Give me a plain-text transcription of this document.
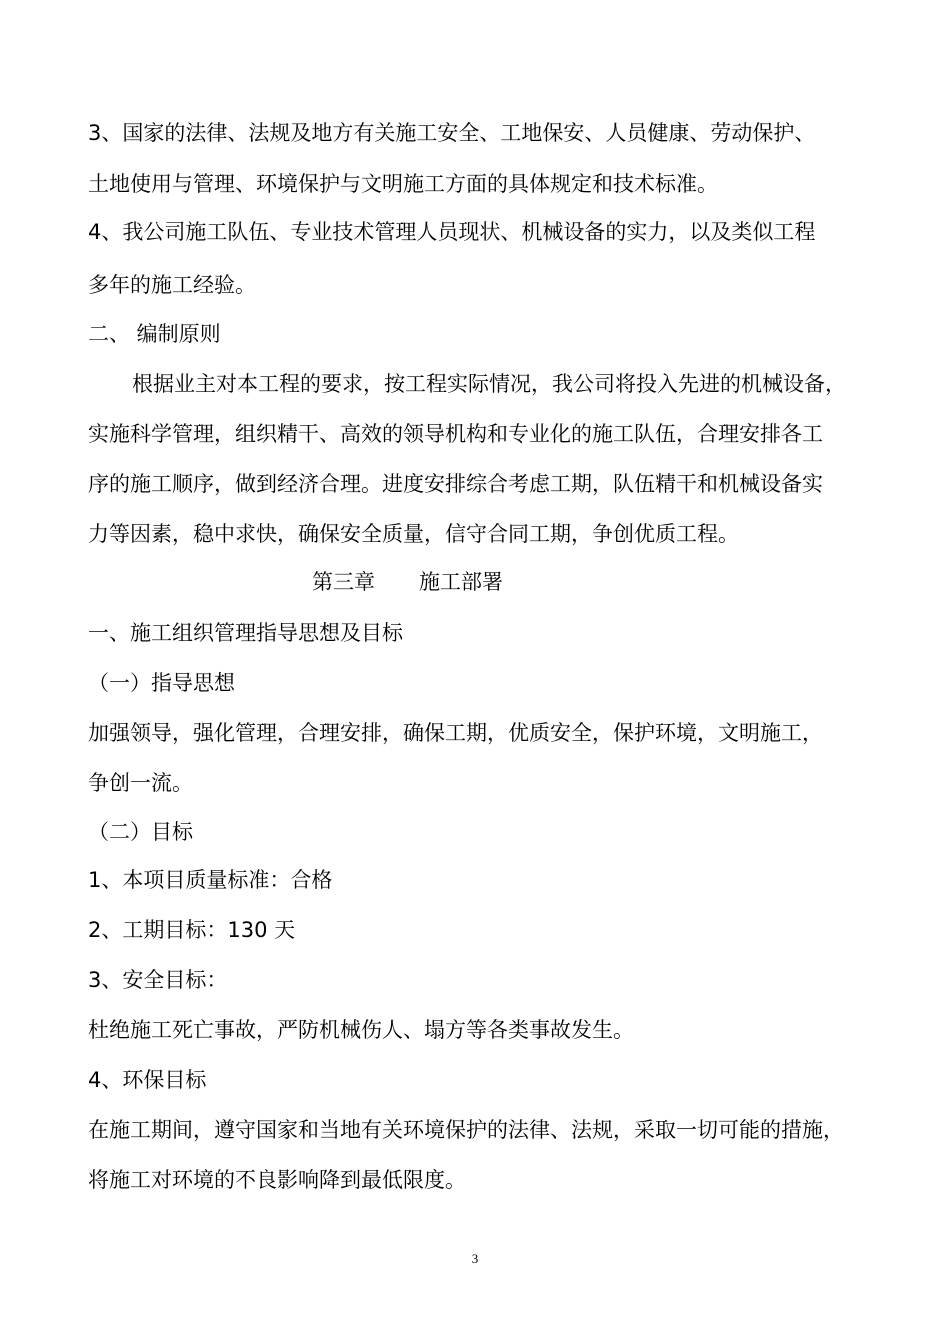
3、国家的法律、法规及地方有关施工安全、工地保安、人员健康、劳动保护、
土地使用与管理、环境保护与文明施工方面的具体规定和技术标准。
4、我公司施工队伍、专业技术管理人员现状、机械设备的实力，以及类似工程
多年的施工经验。
二、 编制原则
根据业主对本工程的要求，按工程实际情况，我公司将投入先进的机械设备，
实施科学管理，组织精干、高效的领导机构和专业化的施工队伍，合理安排各工
序的施工顺序，做到经济合理。进度安排综合考虑工期，队伍精干和机械设备实
力等因素，稳中求快，确保安全质量，信守合同工期，争创优质工程。
第三章 施工部署
一、施工组织管理指导思想及目标
（一）指导思想
加强领导，强化管理，合理安排，确保工期，优质安全，保护环境，文明施工，
争创一流。
（二）目标
1、本项目质量标准：合格
2、工期目标：130 天
3、安全目标：
杜绝施工死亡事故，严防机械伤人、塌方等各类事故发生。
4、环保目标
在施工期间，遵守国家和当地有关环境保护的法律、法规，采取一切可能的措施，
将施工对环境的不良影响降到最低限度。
3
